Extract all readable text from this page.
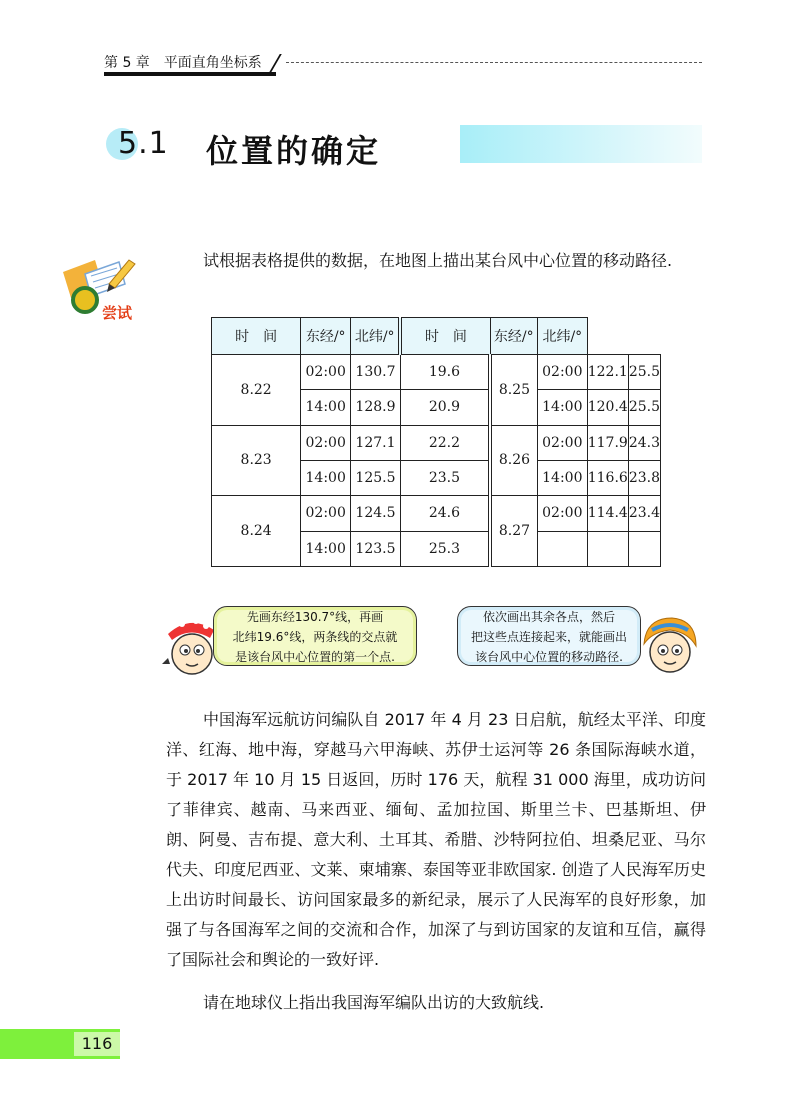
第 5 章　平面直角坐标系
5.1 位置的确定
尝试
试根据表格提供的数据，在地图上描出某台风中心位置的移动路径.
时　间	东经/°	北纬/°	时　间	东经/°	北纬/°		
8.22	02:00	130.7	19.6	8.25	02:00	122.1	25.5
	14:00	128.9	20.9		14:00	120.4	25.5
8.23	02:00	127.1	22.2	8.26	02:00	117.9	24.3
	14:00	125.5	23.5		14:00	116.6	23.8
8.24	02:00	124.5	24.6	8.27	02:00	114.4	23.4
	14:00	123.5	25.3				
先画东经130.7°线，再画
北纬19.6°线，两条线的交点就
是该台风中心位置的第一个点.
依次画出其余各点，然后
把这些点连接起来，就能画出
该台风中心位置的移动路径.
中国海军远航访问编队自 2017 年 4 月 23 日启航，航经太平洋、印度洋、红海、地中海，穿越马六甲海峡、苏伊士运河等 26 条国际海峡水道，于 2017 年 10 月 15 日返回，历时 176 天，航程 31 000 海里，成功访问了菲律宾、越南、马来西亚、缅甸、孟加拉国、斯里兰卡、巴基斯坦、伊朗、阿曼、吉布提、意大利、土耳其、希腊、沙特阿拉伯、坦桑尼亚、马尔代夫、印度尼西亚、文莱、柬埔寨、泰国等亚非欧国家. 创造了人民海军历史上出访时间最长、访问国家最多的新纪录，展示了人民海军的良好形象，加强了与各国海军之间的交流和合作，加深了与到访国家的友谊和互信，赢得了国际社会和舆论的一致好评.
请在地球仪上指出我国海军编队出访的大致航线.
116
